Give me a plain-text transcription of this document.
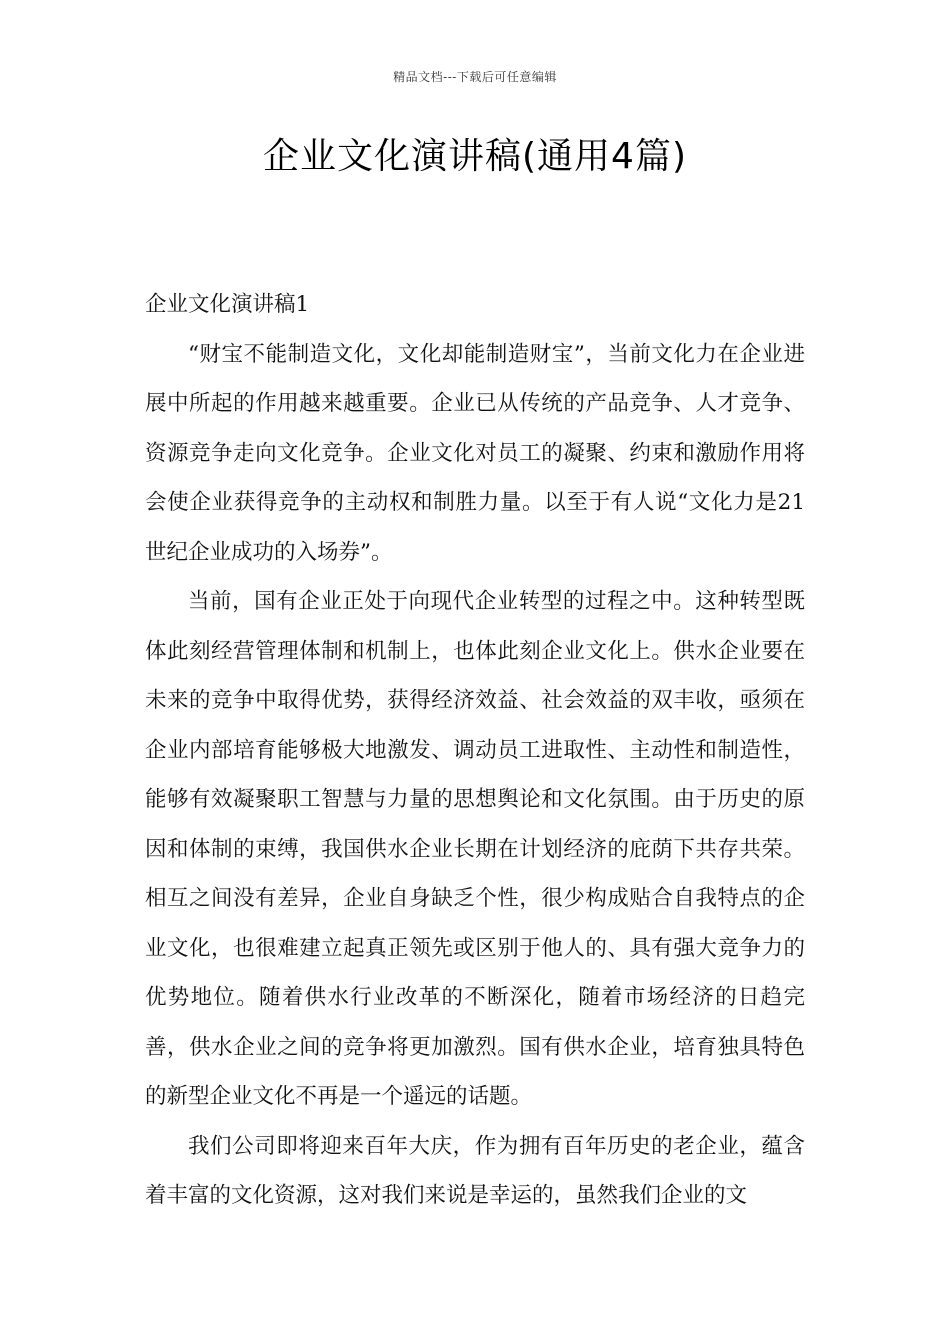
精品文档---下载后可任意编辑
企业文化演讲稿(通用4篇)

企业文化演讲稿1

“财宝不能制造文化，文化却能制造财宝”，当前文化力在企业进展中所起的作用越来越重要。企业已从传统的产品竞争、人才竞争、资源竞争走向文化竞争。企业文化对员工的凝聚、约束和激励作用将会使企业获得竞争的主动权和制胜力量。以至于有人说“文化力是21世纪企业成功的入场券”。

当前，国有企业正处于向现代企业转型的过程之中。这种转型既体此刻经营管理体制和机制上，也体此刻企业文化上。供水企业要在未来的竞争中取得优势，获得经济效益、社会效益的双丰收，亟须在企业内部培育能够极大地激发、调动员工进取性、主动性和制造性，能够有效凝聚职工智慧与力量的思想舆论和文化氛围。由于历史的原因和体制的束缚，我国供水企业长期在计划经济的庇荫下共存共荣。相互之间没有差异，企业自身缺乏个性，很少构成贴合自我特点的企业文化，也很难建立起真正领先或区别于他人的、具有强大竞争力的优势地位。随着供水行业改革的不断深化，随着市场经济的日趋完善，供水企业之间的竞争将更加激烈。国有供水企业，培育独具特色的新型企业文化不再是一个遥远的话题。

我们公司即将迎来百年大庆，作为拥有百年历史的老企业，蕴含着丰富的文化资源，这对我们来说是幸运的，虽然我们企业的文
